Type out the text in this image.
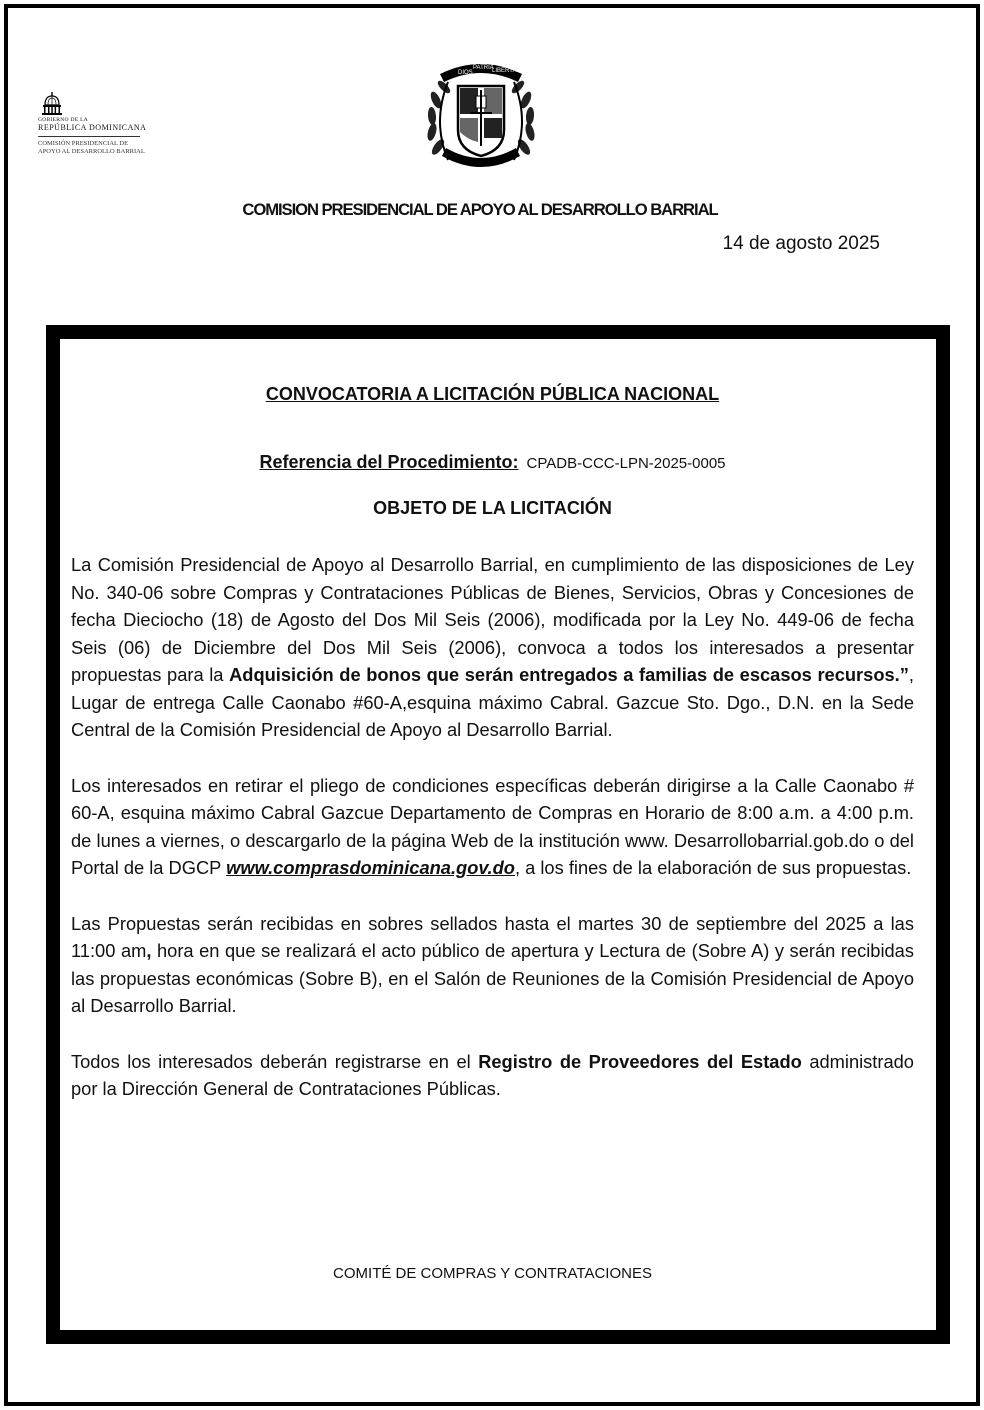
GOBIERNO DE LA
REPÚBLICA DOMINICANA
COMISIÓN PRESIDENCIAL DE
APOYO AL DESARROLLO BARRIAL
DIOS
PATRIA
LIBERTAD
COMISION PRESIDENCIAL DE APOYO AL DESARROLLO BARRIAL
14 de agosto 2025
CONVOCATORIA A LICITACIÓN PÚBLICA NACIONAL
Referencia del Procedimiento: CPADB-CCC-LPN-2025-0005
OBJETO DE LA LICITACIÓN

La Comisión Presidencial de Apoyo al Desarrollo Barrial, en cumplimiento de las disposiciones de Ley No. 340-06 sobre Compras y Contrataciones Públicas de Bienes, Servicios, Obras y Concesiones de fecha Dieciocho (18) de Agosto del Dos Mil Seis (2006), modificada por la Ley No. 449-06 de fecha Seis (06) de Diciembre del Dos Mil Seis (2006), convoca a todos los interesados a presentar propuestas para la Adquisición de bonos que serán entregados a familias de escasos recursos.”, Lugar de entrega Calle Caonabo #60-A,esquina máximo Cabral. Gazcue Sto. Dgo., D.N. en la Sede Central de la Comisión Presidencial de Apoyo al Desarrollo Barrial.

Los interesados en retirar el pliego de condiciones específicas deberán dirigirse a la Calle Caonabo # 60-A, esquina máximo Cabral Gazcue Departamento de Compras en Horario de 8:00 a.m. a 4:00 p.m. de lunes a viernes, o descargarlo de la página Web de la institución www. Desarrollobarrial.gob.do o del Portal de la DGCP www.comprasdominicana.gov.do, a los fines de la elaboración de sus propuestas.

Las Propuestas serán recibidas en sobres sellados hasta el martes 30 de septiembre del 2025 a las 11:00 am, hora en que se realizará el acto público de apertura y Lectura de (Sobre A) y serán recibidas las propuestas económicas (Sobre B), en el Salón de Reuniones de la Comisión Presidencial de Apoyo al Desarrollo Barrial.

Todos los interesados deberán registrarse en el Registro de Proveedores del Estado administrado por la Dirección General de Contrataciones Públicas.

COMITÉ DE COMPRAS Y CONTRATACIONES
